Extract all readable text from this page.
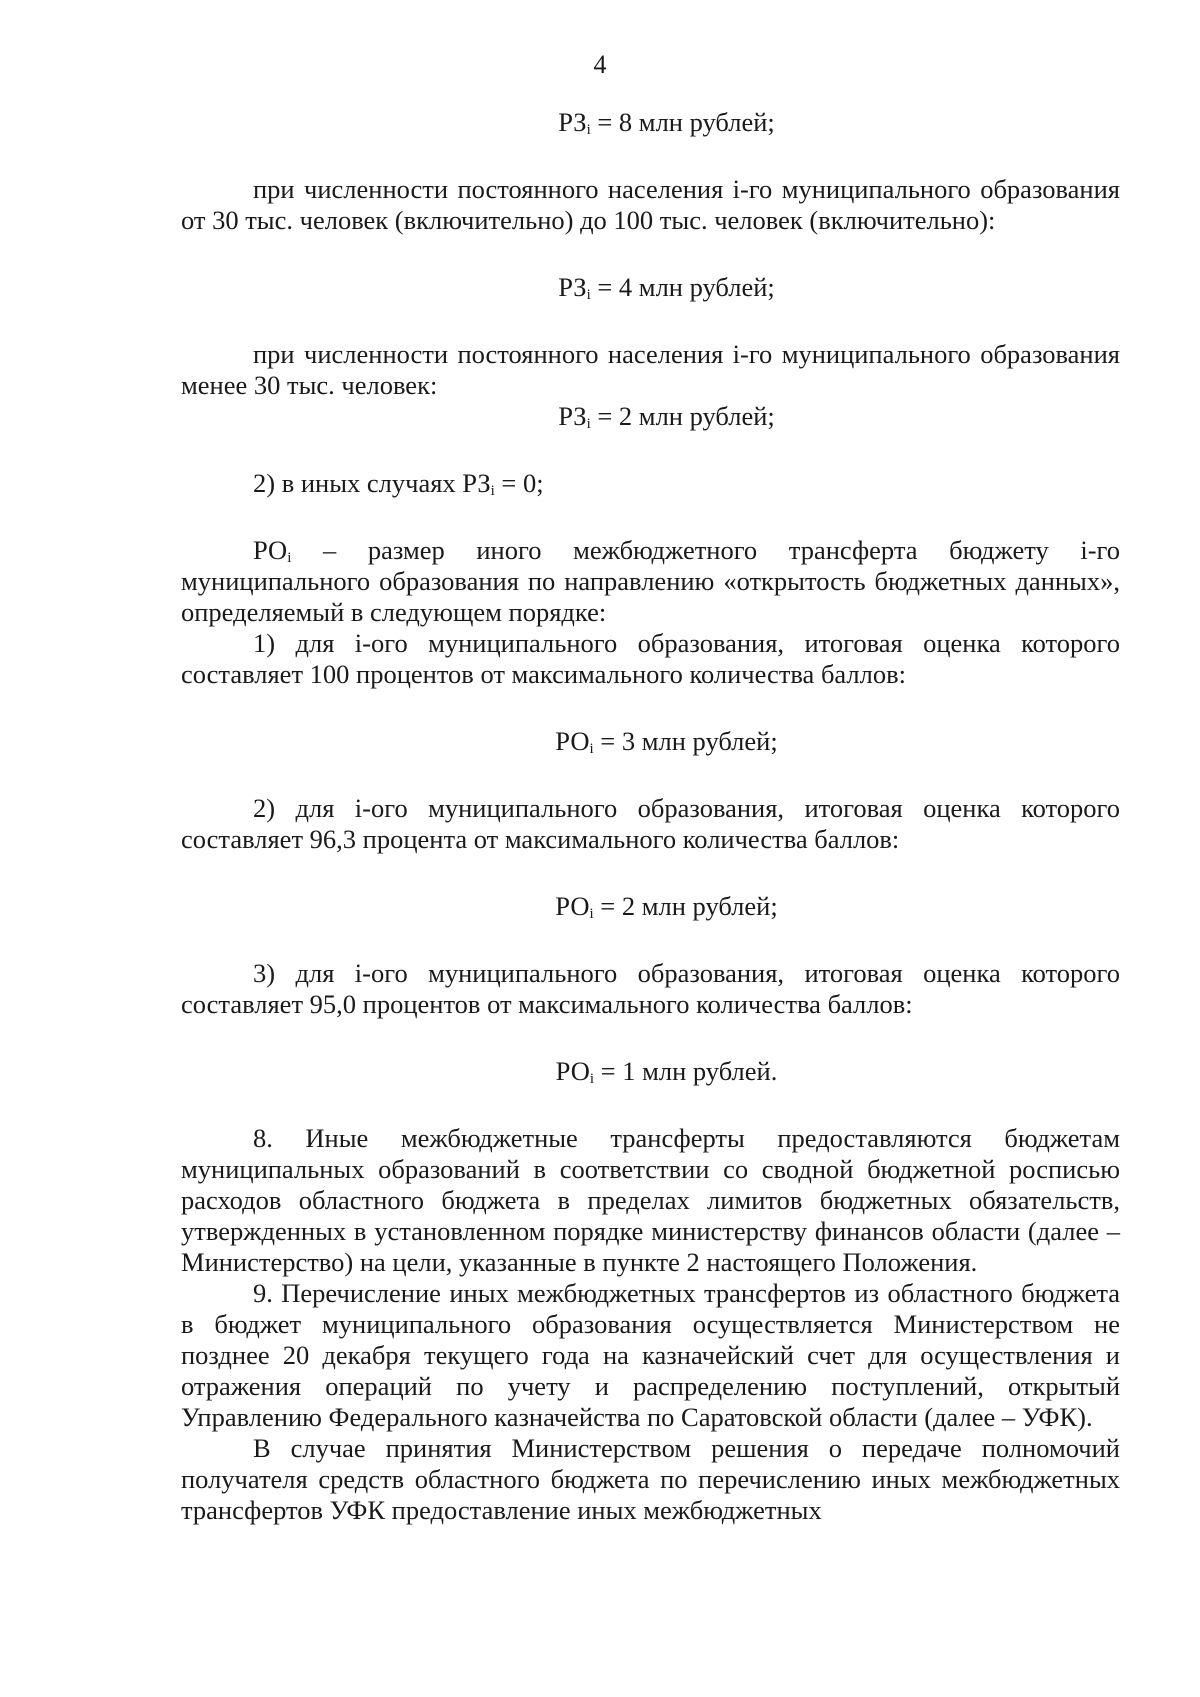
4

$РЗ_i = 8$ млн рублей;

при численности постоянного населения i-го муниципального образования от 30 тыс. человек (включительно) до 100 тыс. человек (включительно):

$РЗ_i = 4$ млн рублей;

при численности постоянного населения i-го муниципального образования менее 30 тыс. человек:

$РЗ_i = 2$ млн рублей;

2) в иных случаях $РЗ_i = 0$;

$РО_i$ – размер иного межбюджетного трансферта бюджету i-го муниципального образования по направлению «открытость бюджетных данных», определяемый в следующем порядке:

1) для i-ого муниципального образования, итоговая оценка которого составляет 100 процентов от максимального количества баллов:

$РО_i = 3$ млн рублей;

2) для i-ого муниципального образования, итоговая оценка которого составляет 96,3 процента от максимального количества баллов:

$РО_i = 2$ млн рублей;

3) для i-ого муниципального образования, итоговая оценка которого составляет 95,0 процентов от максимального количества баллов:

$РО_i = 1$ млн рублей.

8. Иные межбюджетные трансферты предоставляются бюджетам муниципальных образований в соответствии со сводной бюджетной росписью расходов областного бюджета в пределах лимитов бюджетных обязательств, утвержденных в установленном порядке министерству финансов области (далее – Министерство) на цели, указанные в пункте 2 настоящего Положения.

9. Перечисление иных межбюджетных трансфертов из областного бюджета в бюджет муниципального образования осуществляется Министерством не позднее 20 декабря текущего года на казначейский счет для осуществления и отражения операций по учету и распределению поступлений, открытый Управлению Федерального казначейства по Саратовской области (далее – УФК).

В случае принятия Министерством решения о передаче полномочий получателя средств областного бюджета по перечислению иных межбюджетных трансфертов УФК предоставление иных межбюджетных
